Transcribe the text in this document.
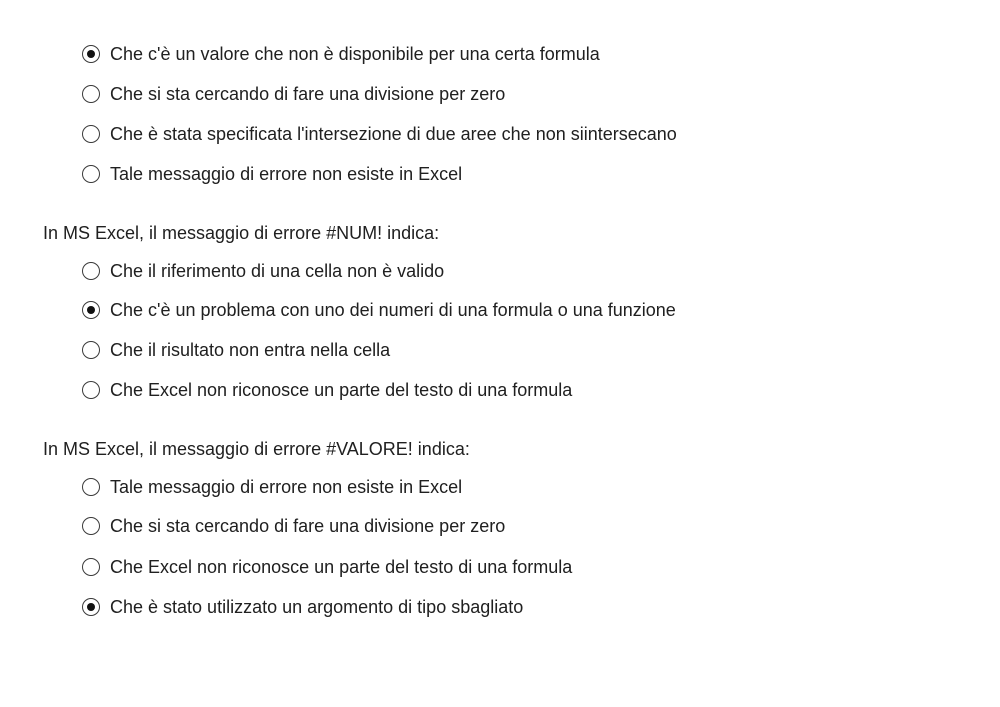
Che c'è un valore che non è disponibile per una certa formula
Che si sta cercando di fare una divisione per zero
Che è stata specificata l'intersezione di due aree che non siintersecano
Tale messaggio di errore non esiste in Excel
In MS Excel, il messaggio di errore #NUM! indica:
Che il riferimento di una cella non è valido
Che c'è un problema con uno dei numeri di una formula o una funzione
Che il risultato non entra nella cella
Che Excel non riconosce un parte del testo di una formula
In MS Excel, il messaggio di errore #VALORE! indica:
Tale messaggio di errore non esiste in Excel
Che si sta cercando di fare una divisione per zero
Che Excel non riconosce un parte del testo di una formula
Che è stato utilizzato un argomento di tipo sbagliato
